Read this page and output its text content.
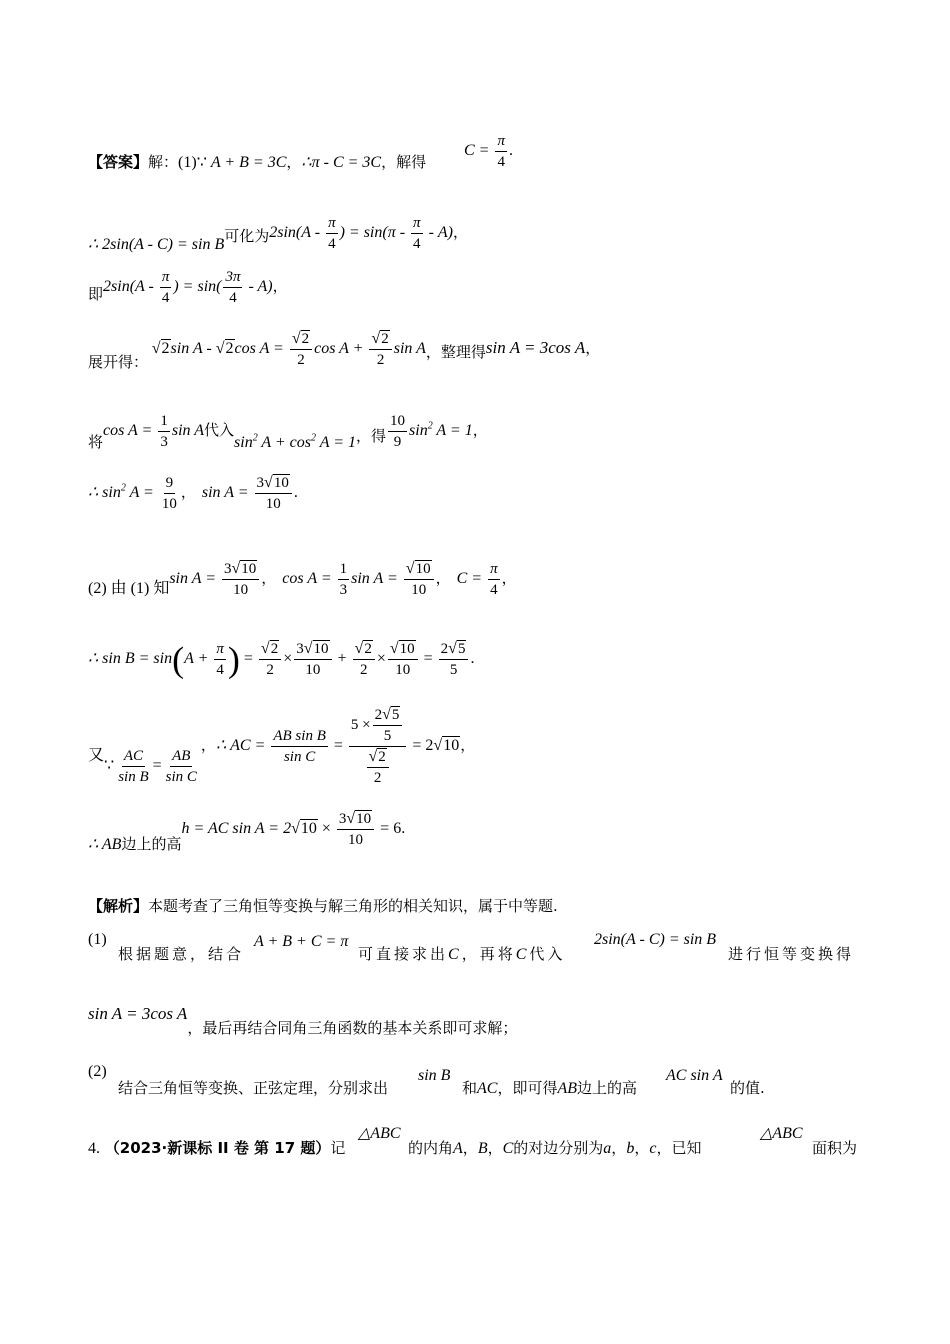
【答案】解：(1)∵ A + B = 3C，∴π - C = 3C，解得
$C = \frac{\pi}{4}$ .
∴ 2sin(A - C) = sin B可化为$2\sin(A - \frac{\pi}{4}$ ) = $\sin(\pi - \frac{\pi}{4} - A)$，
即$2\sin(A - \frac{\pi}{4}$ ) = $\sin( \frac{3\pi}{4} - A)$，
展开得： √2sin A - √2cos $A = \frac{√2}{2}$ $\cos A + \frac{√2}{2}$ sin A，整理得sin A = 3cos A，
将$\cos A = \frac{1}{3}$ sin A代入$\sin^2 A + \cos^2 A = 1$，得 $\frac{10}{9} \sin^2 A = 1$，
∴ $\sin^2 A = \frac{9}{10}$ ， $\sin A = \frac{3√10}{10}$ .
(2) 由 (1) 知$\sin A = \frac{3√10}{10}$ ， $\cos A = \frac{1}{3}$ $\sin A = \frac{√10}{10}$ ， $C = \frac{\pi}{4}$ ，
∴ $\sin B = \sin(A + \frac{\pi}{4}$ ) = $\frac{√2}{2} \times \frac{3√10}{10} + \frac{√2}{2} \times \frac{√10}{10} = \frac{2√5}{5}$ .
又∵ $\frac{AC}{\text{sin B}} = \frac{AB}{\text{sin C}}$
，∴ AC = $\frac{\text{AB sin B}}{\text{sin C}} = \frac{5 \times \frac{2√5}{5}}{\frac{√2}{2}} = 2√10$，
∴ AB边上的高h = AC $\sin A = 2√10 \times \frac{3√10}{10} = 6$.
【解析】本题考查了三角恒等变换与解三角形的相关知识，属于中等题.
(1)
根据题意，结合
A + B + C = π
可直接求出C，再将C代入
2sin(A - C) = sin B
进行恒等变换得
sin A = 3cos A，最后再结合同角三角函数的基本关系即可求解；
(2)
结合三角恒等变换、正弦定理，分别求出
sin B
和AC，即可得AB边上的高
AC sin A
的值.
4. （2023·新课标 II 卷 第 17 题）记
△ABC
的内角A，B，C的对边分别为a，b，c，已知
△ABC
面积为
